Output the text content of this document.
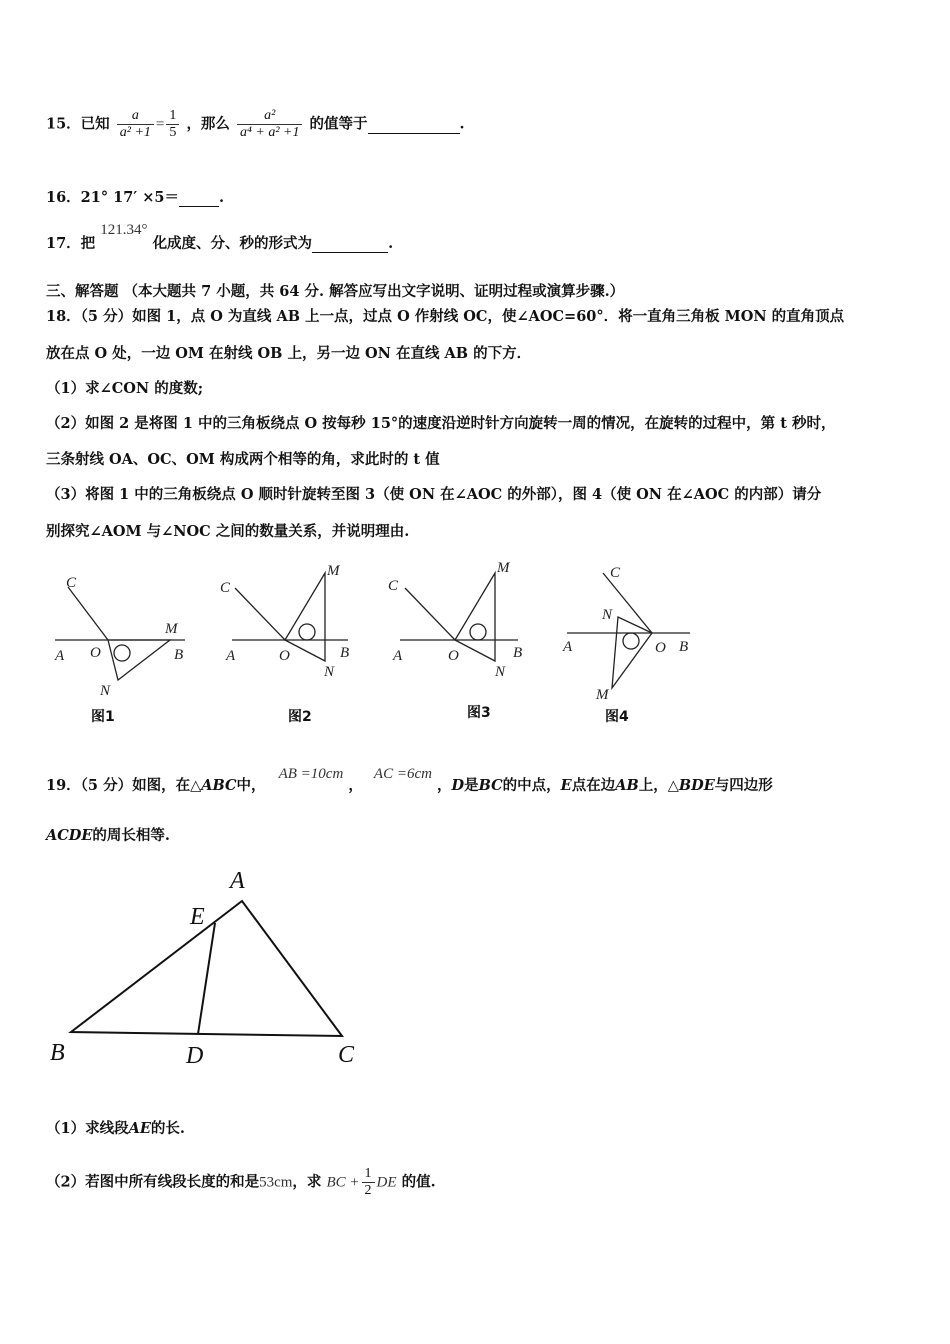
15．已知 $\frac{a}{\text{a² +1}} = \frac{1}{5}$ ，那么 $\frac{\text{a²}}{\text{a⁴ + a² +1}}$ 的值等于	.
16．21° 17′ ×5＝	.
17．把 121.34° 化成度、分、秒的形式为	.
三、解答题 （本大题共 7 小题，共 64 分. 解答应写出文字说明、证明过程或演算步骤.）
18．（5 分）如图 1，点 O 为直线 AB 上一点，过点 O 作射线 OC，使∠AOC=60°．将一直角三角板 MON 的直角顶点
放在点 O 处，一边 OM 在射线 OB 上，另一边 ON 在直线 AB 的下方．
（1）求∠CON 的度数;
（2）如图 2 是将图 1 中的三角板绕点 O 按每秒 15°的速度沿逆时针方向旋转一周的情况，在旋转的过程中，第 t 秒时，
三条射线 OA、OC、OM 构成两个相等的角，求此时的 t 值
（3）将图 1 中的三角板绕点 O 顺时针旋转至图 3（使 ON 在∠AOC 的外部），图 4（使 ON 在∠AOC 的内部）请分
别探究∠AOM 与∠NOC 之间的数量关系，并说明理由.
C
A O
M
B
N
C
A	O
M
B
N
C
A	O
M
B
N
C
N
A	O B
M
图1	图2	图3	图4
19．（5 分）如图，在△ABC中， AB =10cm ， AC =6cm ，D是BC的中点，E点在边AB上，△BDE与四边形
ACDE的周长相等.
A
E
B	D	C
（1）求线段AE的长.
（2）若图中所有线段长度的和是53cm，求 BC + $\frac{1}{2}$ DE 的值.
